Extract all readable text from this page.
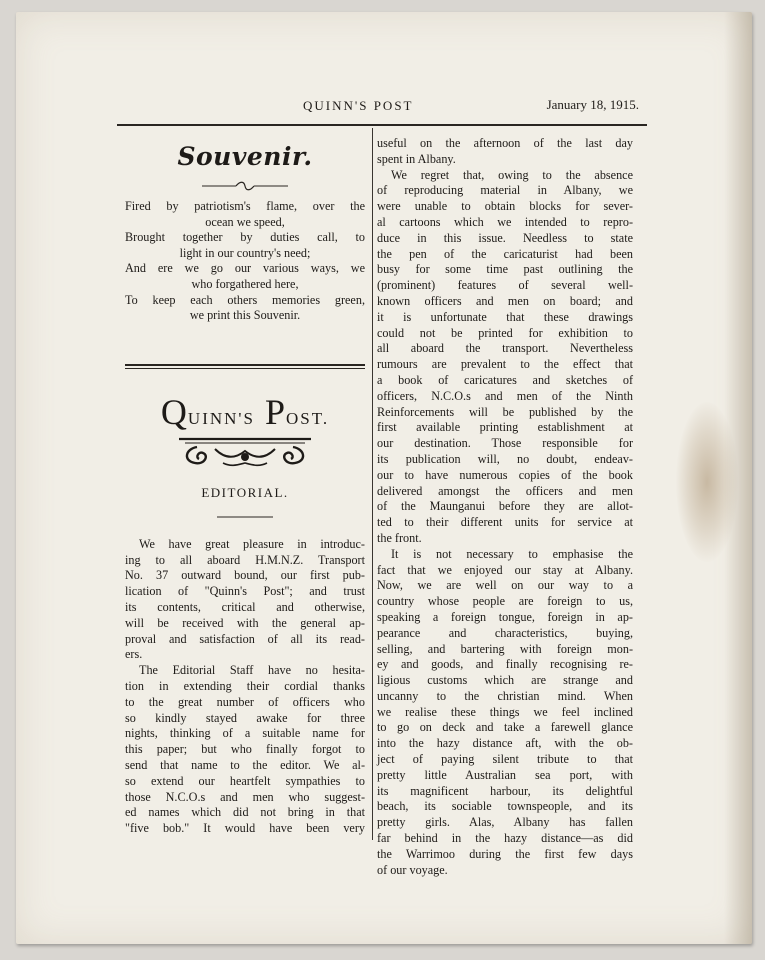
QUINN'S POST	January 18, 1915.
Souvenir.
Fired by patriotism's flame, over the
ocean we speed,
Brought together by duties call, to
light in our country's need;
And ere we go our various ways, we
who forgathered here,
To keep each others memories green,
we print this Souvenir.
QUINN'S POST.
EDITORIAL.
We have great pleasure in introduc-
ing to all aboard H.M.N.Z. Transport
No. 37 outward bound, our first pub-
lication of "Quinn's Post"; and trust
its contents, critical and otherwise,
will be received with the general ap-
proval and satisfaction of all its read-
ers.
The Editorial Staff have no hesita-
tion in extending their cordial thanks
to the great number of officers who
so kindly stayed awake for three
nights, thinking of a suitable name for
this paper; but who finally forgot to
send that name to the editor. We al-
so extend our heartfelt sympathies to
those N.C.O.s and men who suggest-
ed names which did not bring in that
"five bob." It would have been very
useful on the afternoon of the last day
spent in Albany.
We regret that, owing to the absence
of reproducing material in Albany, we
were unable to obtain blocks for sever-
al cartoons which we intended to repro-
duce in this issue. Needless to state
the pen of the caricaturist had been
busy for some time past outlining the
(prominent) features of several well-
known officers and men on board; and
it is unfortunate that these drawings
could not be printed for exhibition to
all aboard the transport. Nevertheless
rumours are prevalent to the effect that
a book of caricatures and sketches of
officers, N.C.O.s and men of the Ninth
Reinforcements will be published by the
first available printing establishment at
our destination. Those responsible for
its publication will, no doubt, endeav-
our to have numerous copies of the book
delivered amongst the officers and men
of the Maunganui before they are allot-
ted to their different units for service at
the front.
It is not necessary to emphasise the
fact that we enjoyed our stay at Albany.
Now, we are well on our way to a
country whose people are foreign to us,
speaking a foreign tongue, foreign in ap-
pearance and characteristics, buying,
selling, and bartering with foreign mon-
ey and goods, and finally recognising re-
ligious customs which are strange and
uncanny to the christian mind. When
we realise these things we feel inclined
to go on deck and take a farewell glance
into the hazy distance aft, with the ob-
ject of paying silent tribute to that
pretty little Australian sea port, with
its magnificent harbour, its delightful
beach, its sociable townspeople, and its
pretty girls. Alas, Albany has fallen
far behind in the hazy distance—as did
the Warrimoo during the first few days
of our voyage.
